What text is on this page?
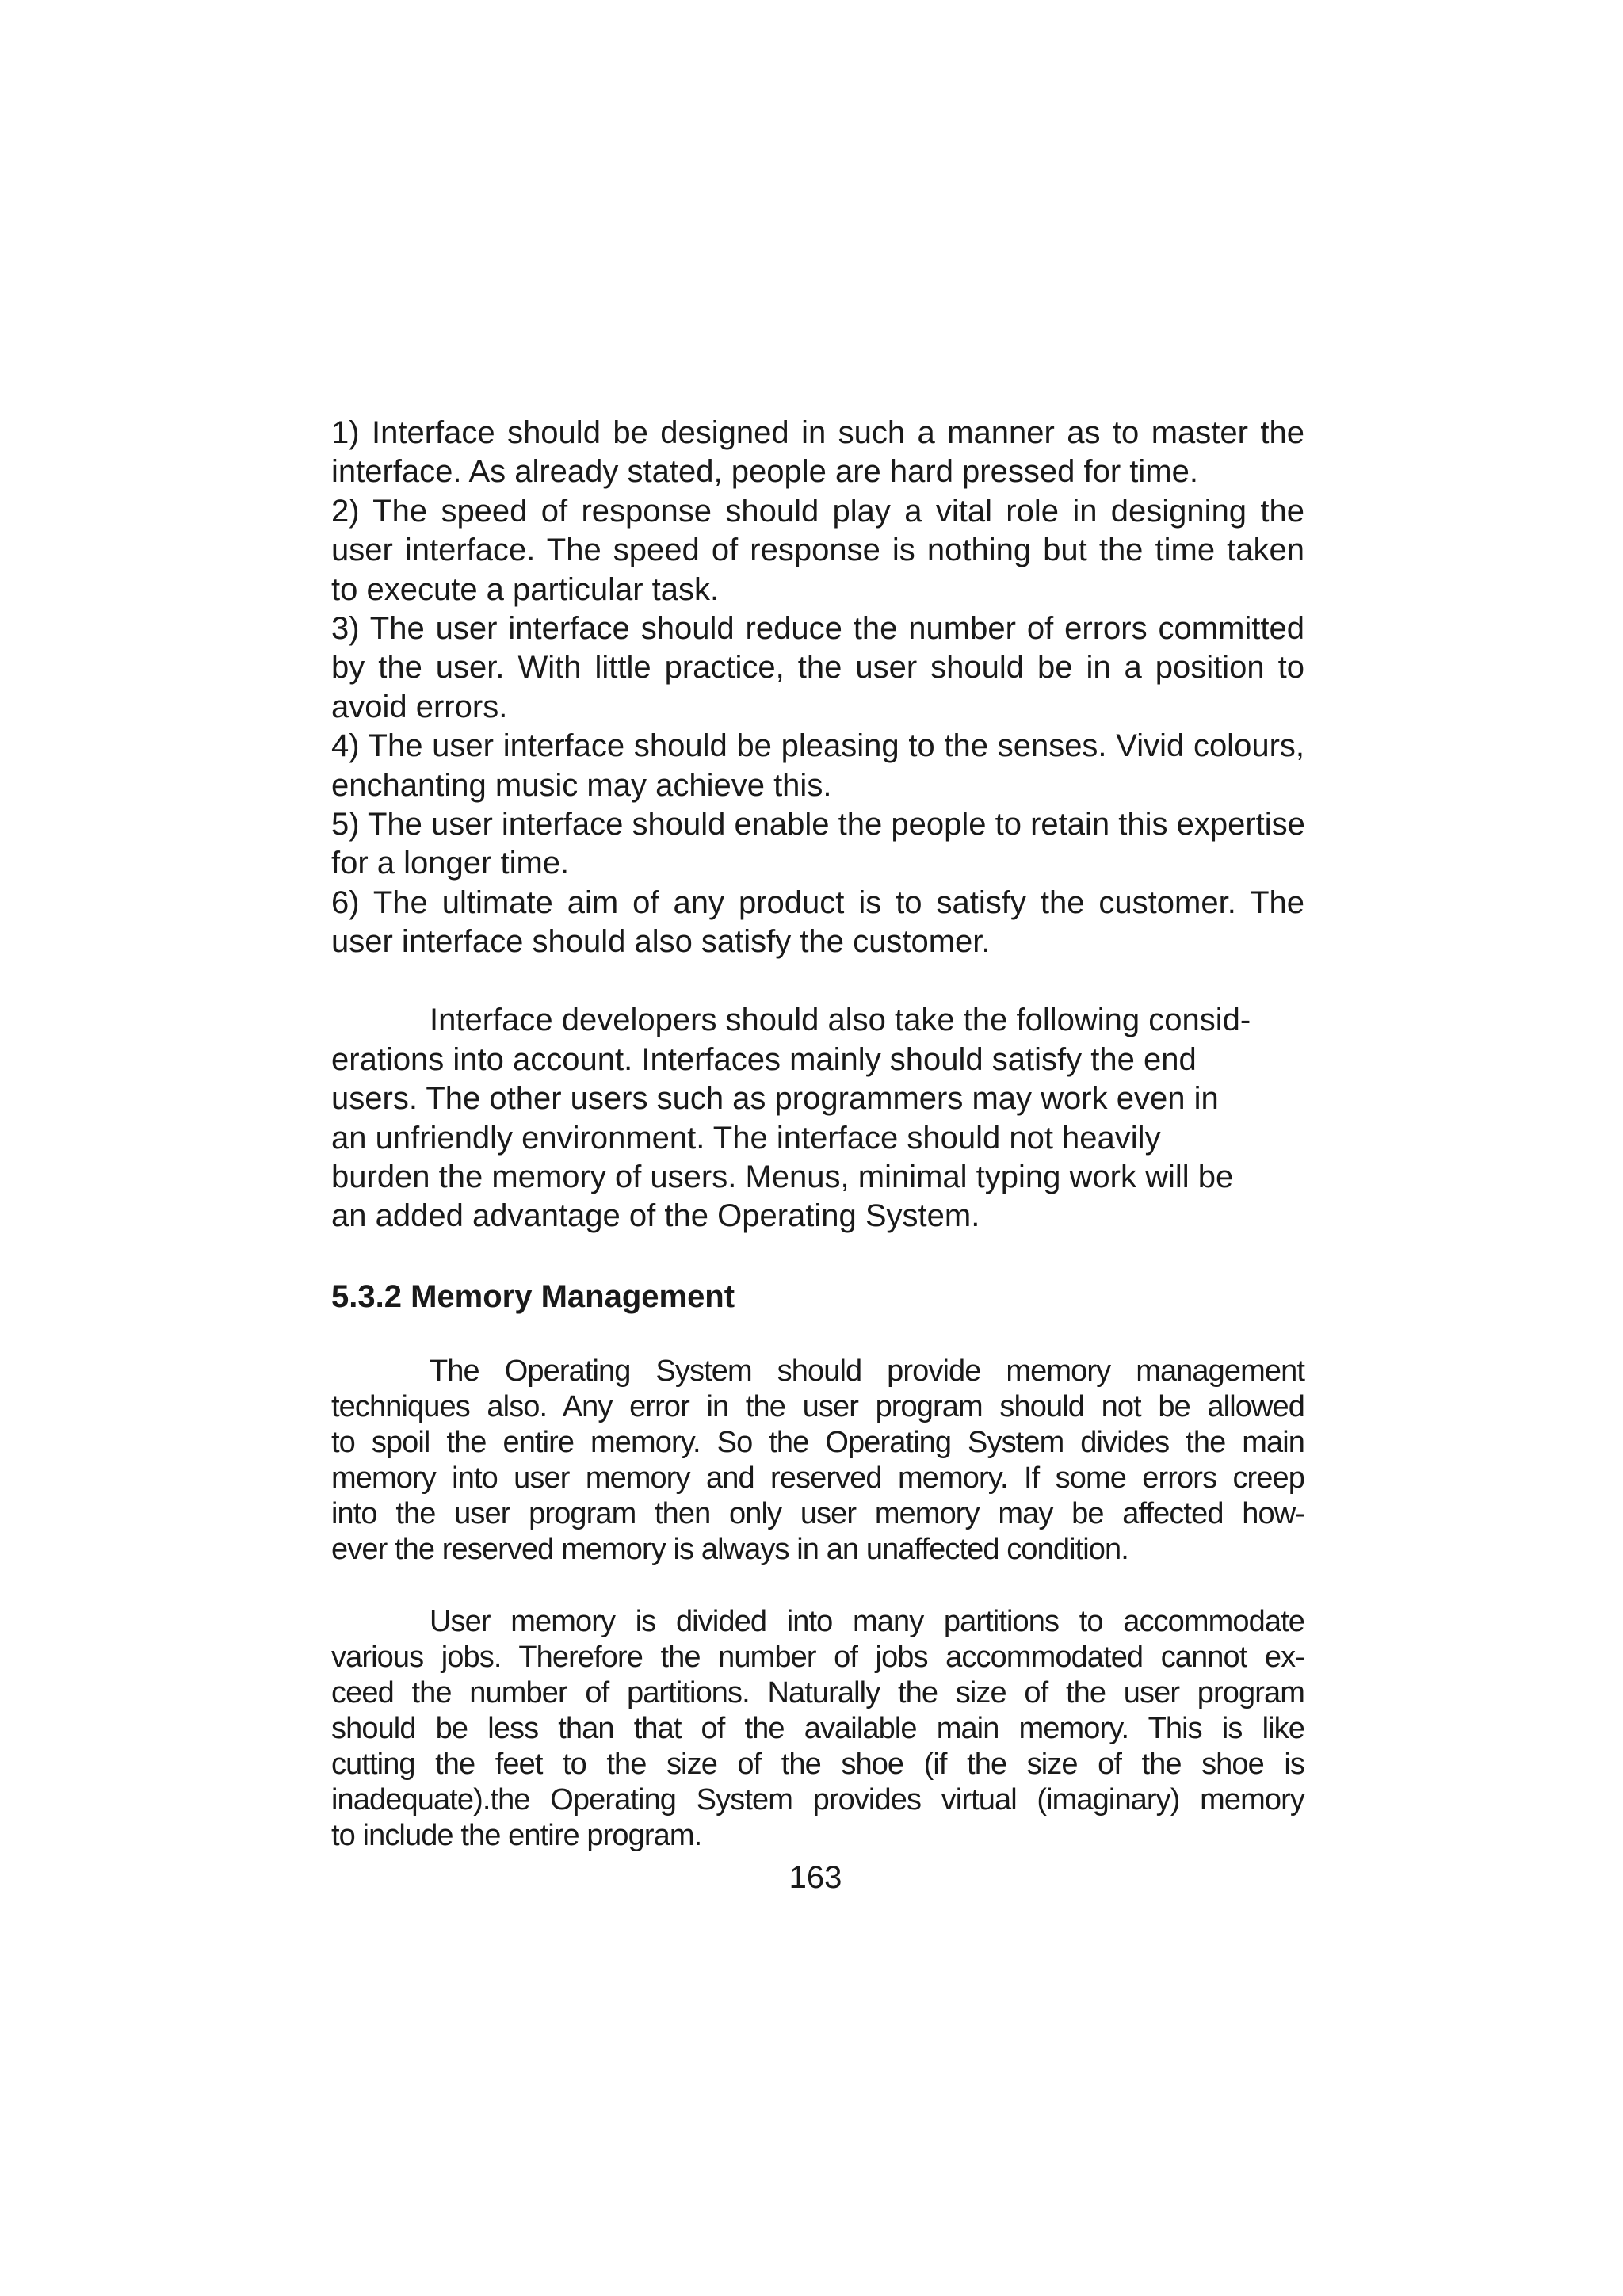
1) Interface should be designed in such a manner as to master the
interface. As already stated, people are hard pressed for time.
2) The speed of response should play a vital role in designing the
user interface. The speed of response is nothing but the time taken
to execute a particular task.
3) The user interface should reduce the number of errors committed
by the user. With little practice, the user should be in a position to
avoid errors.
4) The user interface should be pleasing to the senses. Vivid colours,
enchanting music may achieve this.
5) The user interface should enable the people to retain this expertise
for a longer time.
6) The ultimate aim of any product is to satisfy the customer. The
user interface should also satisfy the customer.
Interface developers should also take the following consid-
erations into account. Interfaces mainly should satisfy the end
users. The other users such as programmers may work even in
an unfriendly environment. The interface should not heavily
burden the memory of users. Menus, minimal typing work will be
an added advantage of the Operating System.
5.3.2 Memory Management
The Operating System should provide memory management
techniques also. Any error in the user program should not be allowed
to spoil the entire memory. So the Operating System divides the main
memory into user memory and reserved memory. If some errors creep
into the user program then only user memory may be affected how-
ever the reserved memory is always in an unaffected condition.
User memory is divided into many partitions to accommodate
various jobs. Therefore the number of jobs accommodated cannot ex-
ceed the number of partitions. Naturally the size of the user program
should be less than that of the available main memory. This is like
cutting the feet to the size of the shoe (if the size of the shoe is
inadequate).the Operating System provides virtual (imaginary) memory
to include the entire program.
163
